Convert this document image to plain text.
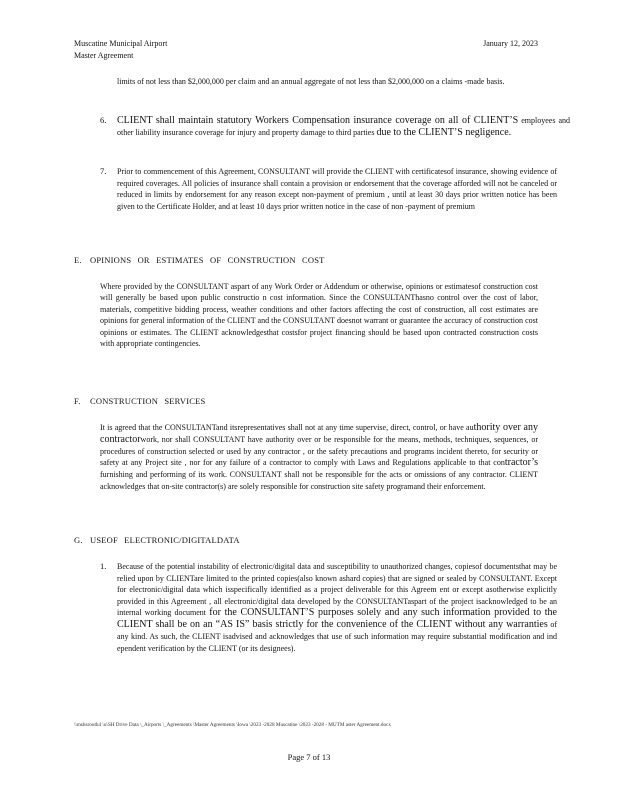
Muscatine Municipal Airport
Master Agreement
January 12, 2023
limits of not less than $2,000,000 per claim and an annual aggregate of not less than $2,000,000 on a claims -made basis.
6. CLIENT shall maintain statutory Workers Compensation insurance coverage on all of CLIENT’S employees and other liability insurance coverage for injury and property damage to third parties due to the CLIENT’S negligence.
7. Prior to commencement of this Agreement, CONSULTANT will provide the CLIENT with certificatesof insurance, showing evidence of required coverages. All policies of insurance shall contain a provision or endorsement that the coverage afforded will not be canceled or reduced in limits by endorsement for any reason except non-payment of premium , until at least 30 days prior written notice has been given to the Certificate Holder, and at least 10 days prior written notice in the case of non -payment of premium
E. OPINIONS OR ESTIMATES OF CONSTRUCTION COST
Where provided by the CONSULTANT aspart of any Work Order or Addendum or otherwise, opinions or estimatesof construction cost will generally be based upon public constructio n cost information. Since the CONSULTANThasno control over the cost of labor, materials, competitive bidding process, weather conditions and other factors affecting the cost of construction, all cost estimates are opinions for general information of the CLIENT and the CONSULTANT doesnot warrant or guarantee the accuracy of construction cost opinions or estimates. The CLIENT acknowledgesthat costsfor project financing should be based upon contracted construction costs with appropriate contingencies.
F. CONSTRUCTION SERVICES
It is agreed that the CONSULTANTand itsrepresentatives shall not at any time supervise, direct, control, or have authority over any contractorwork, nor shall CONSULTANT have authority over or be responsible for the means, methods, techniques, sequences, or procedures of construction selected or used by any contractor , or the safety precautions and programs incident thereto, for security or safety at any Project site , nor for any failure of a contractor to comply with Laws and Regulations applicable to that contractor’s furnishing and performing of its work. CONSULTANT shall not be responsible for the acts or omissions of any contractor. CLIENT acknowledges that on-site contractor(s) are solely responsible for construction site safety programand their enforcement.
G. USEOF ELECTRONIC/DIGITALDATA
1. Because of the potential instability of electronic/digital data and susceptibility to unauthorized changes, copiesof documentsthat may be relied upon by CLIENTare limited to the printed copies(also known ashard copies) that are signed or sealed by CONSULTANT. Except for electronic/digital data which isspecifically identified as a project deliverable for this Agreem ent or except asotherwise explicitly provided in this Agreement , all electronic/digital data developed by the CONSULTANTaspart of the project isacknowledged to be an internal working document for the CONSULTANT’S purposes solely and any such information provided to the CLIENT shall be on an “AS IS” basis strictly for the convenience of the CLIENT without any warranties of any kind. As such, the CLIENT isadvised and acknowledges that use of such information may require substantial modification and ind ependent verification by the CLIENT (or its designees).
\\mshsrouth4 \u\SH Drive Data \_Airports \_Agreements \Master Agreements \Iowa \2023 -2028 Muscatine \2023 -2028 - MUTM aster Agreement.docx
Page 7 of 13
